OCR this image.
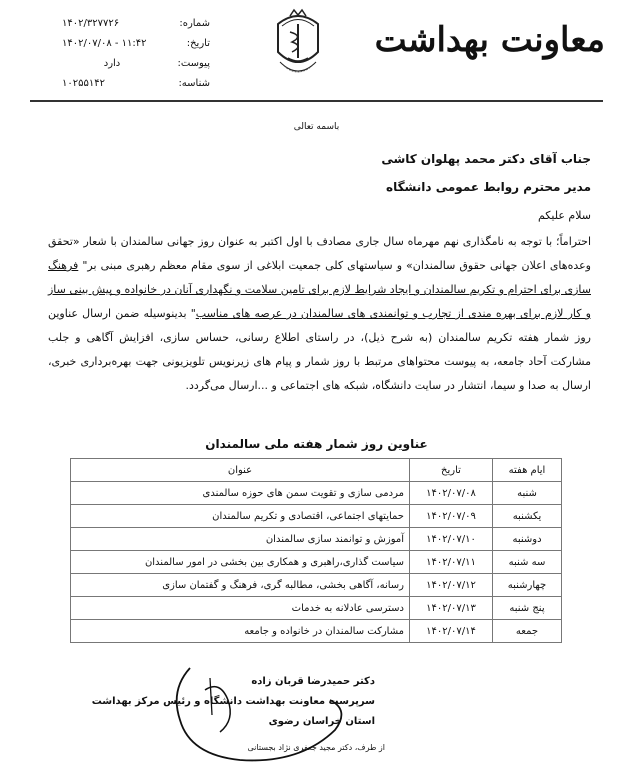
شماره:
۱۴۰۲/۳۲۷۷۲۶
تاریخ:
۱۴۰۲/۰۷/۰۸ - ۱۱:۴۲
پیوست:
دارد
شناسه:
۱۰۲۵۵۱۴۲
معاونت بهداشت
باسمه تعالی
جناب آقای دکتر محمد پهلوان کاشی
مدیر محترم روابط عمومی دانشگاه
سلام علیکم
احتراماً؛ با توجه به نامگذاری نهم مهرماه سال جاری مصادف با اول اکتبر به عنوان روز جهانی سالمندان با شعار «تحقق وعده‌های اعلان جهانی حقوق سالمندان» و سیاستهای کلی جمعیت ابلاغی از سوی مقام معظم رهبری مبنی بر" فرهنگ سازی برای احترام و تکریم سالمندان و ایجاد شرایط لازم برای تامین سلامت و نگهداری آنان در خانواده و پیش بینی ساز و کار لازم برای بهره مندی از تجارب و توانمندی های سالمندان در عرصه های مناسب" بدینوسیله ضمن ارسال عناوین روز شمار هفته تکریم سالمندان (به شرح ذیل)، در راستای اطلاع رسانی، حساس سازی، افزایش آگاهی و جلب مشارکت آحاد جامعه، به پیوست محتواهای مرتبط با روز شمار و پیام های زیرنویس تلویزیونی جهت بهره‌برداری خبری، ارسال به صدا و سیما، انتشار در سایت دانشگاه، شبکه های اجتماعی و ...ارسال می‌گردد.
عناوین روز شمار هفته ملی سالمندان
ایام هفته	تاریخ	عنوان
شنبه	۱۴۰۲/۰۷/۰۸	مردمی سازی و تقویت سمن های حوزه سالمندی
یکشنبه	۱۴۰۲/۰۷/۰۹	حمایتهای اجتماعی، اقتصادی و تکریم سالمندان
دوشنبه	۱۴۰۲/۰۷/۱۰	آموزش و توانمند سازی سالمندان
سه شنبه	۱۴۰۲/۰۷/۱۱	سیاست گذاری،راهبری و همکاری بین بخشی در امور سالمندان
چهارشنبه	۱۴۰۲/۰۷/۱۲	رسانه، آگاهی بخشی، مطالبه گری، فرهنگ و گفتمان سازی
پنج شنبه	۱۴۰۲/۰۷/۱۳	دسترسی عادلانه به خدمات
جمعه	۱۴۰۲/۰۷/۱۴	مشارکت سالمندان در خانواده و جامعه
دکتر حمیدرضا قربان زاده
سرپرست معاونت بهداشت دانشگاه و رئیس مرکز بهداشت
استان خراسان رضوی
از طرف، دکتر مجید جعفری نژاد بجستانی
